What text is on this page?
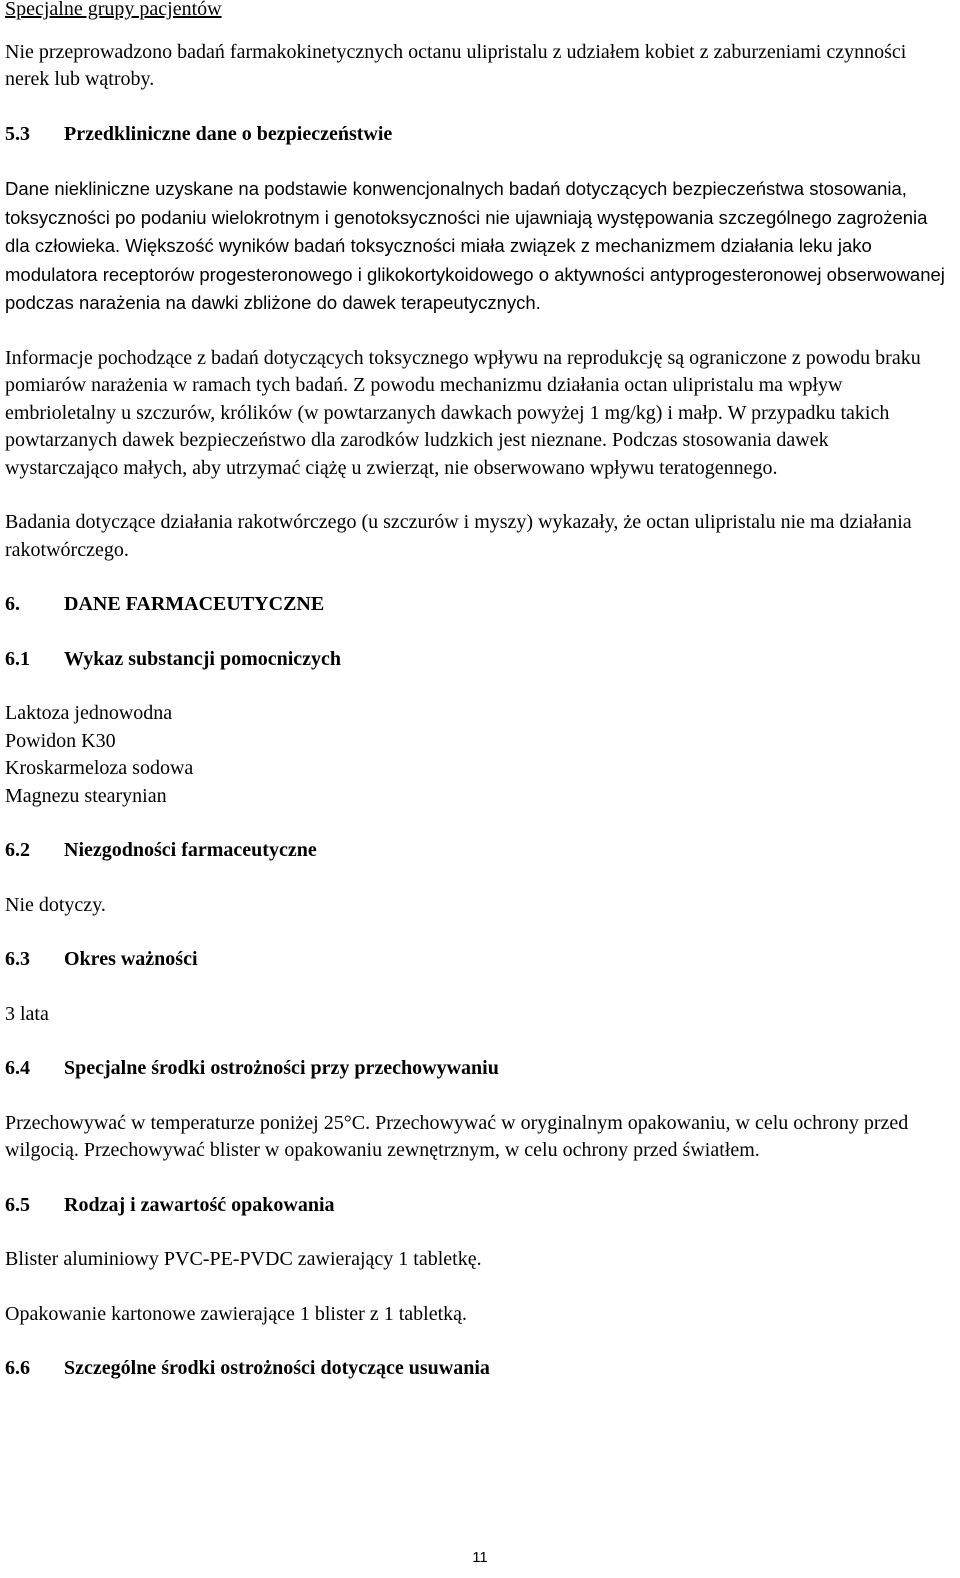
Specjalne grupy pacjentów

Nie przeprowadzono badań farmakokinetycznych octanu ulipristalu z udziałem kobiet z zaburzeniami czynności nerek lub wątroby.

5.3	Przedkliniczne dane o bezpieczeństwie

Dane niekliniczne uzyskane na podstawie konwencjonalnych badań dotyczących bezpieczeństwa stosowania, toksyczności po podaniu wielokrotnym i genotoksyczności nie ujawniają występowania szczególnego zagrożenia dla człowieka. Większość wyników badań toksyczności miała związek z mechanizmem działania leku jako modulatora receptorów progesteronowego i glikokortykoidowego o aktywności antyprogesteronowej obserwowanej podczas narażenia na dawki zbliżone do dawek terapeutycznych.

Informacje pochodzące z badań dotyczących toksycznego wpływu na reprodukcję są ograniczone z powodu braku pomiarów narażenia w ramach tych badań. Z powodu mechanizmu działania octan ulipristalu ma wpływ embrioletalny u szczurów, królików (w powtarzanych dawkach powyżej 1 mg/kg) i małp. W przypadku takich powtarzanych dawek bezpieczeństwo dla zarodków ludzkich jest nieznane. Podczas stosowania dawek wystarczająco małych, aby utrzymać ciążę u zwierząt, nie obserwowano wpływu teratogennego.

Badania dotyczące działania rakotwórczego (u szczurów i myszy) wykazały, że octan ulipristalu nie ma działania rakotwórczego.

6.	DANE FARMACEUTYCZNE
6.1	Wykaz substancji pomocniczych

Laktoza jednowodna

Powidon K30

Kroskarmeloza sodowa

Magnezu stearynian

6.2	Niezgodności farmaceutyczne

Nie dotyczy.

6.3	Okres ważności

3 lata

6.4	Specjalne środki ostrożności przy przechowywaniu

Przechowywać w temperaturze poniżej 25°C. Przechowywać w oryginalnym opakowaniu, w celu ochrony przed wilgocią. Przechowywać blister w opakowaniu zewnętrznym, w celu ochrony przed światłem.

6.5	Rodzaj i zawartość opakowania

Blister aluminiowy PVC-PE-PVDC zawierający 1 tabletkę.

Opakowanie kartonowe zawierające 1 blister z 1 tabletką.

6.6	Szczególne środki ostrożności dotyczące usuwania
11
